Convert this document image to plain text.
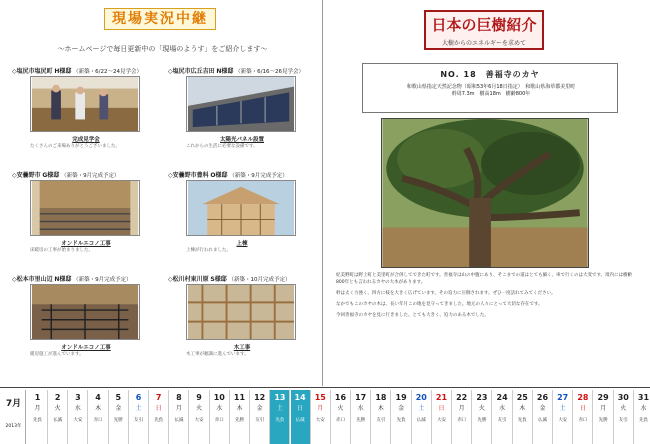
現場実況中継
～ホームページで毎日更新中の「現場のようす」をご紹介します～
◇塩尻市塩尻町 H様邸 （新築・6/22〜24見学会）
完成見学会
たくさんのご来場ありがとうございました。
◇塩尻市広丘吉田 N様邸 （新築・6/16〜26見学会）
太陽光パネル設置
これからの生活に必要な設備です。
◇安曇野市 G様邸 （新築・9月完成予定）
オンドルエコノ工事
床暖房の工事が始まりました。
◇安曇野市豊科 O様邸 （新築・9月完成予定）
上棟
上棟が行われました。
◇松本市里山辺 N様邸 （新築・9月完成予定）
オンドルエコノ工事
暖房施工が進んでいます。
◇松川村東川原 S様邸 （新築・10月完成予定）
木工事
木工事が順調に進んでいます。
日本の巨樹紹介
大樹からのエネルギーを求めて
NO. 18　善福寺のカヤ
和歌山県指定天然記念物（昭和53年6月18日指定）　和歌山県海草郡美里町
幹周7.3m　樹高18m　樹齢800年

紀美野町は野上町と美里町が合併してできた町です。善福寺は山の中腹にあり、そこまでの道はとても細く、車で行くのは大変です。境内には樹齢800年とも言われるカヤの大木があります。

幹は太く力強く、四方に枝を大きく広げています。その迫力に圧倒されます。ぜひ一度訪れてみてください。

なかでもこのカヤの木は、長い年月この地を見守ってきました。地元の人々にとって大切な存在です。

今回善福寺のカヤを見に行きました。とても大きく、迫力のある木でした。

7月
2013年
1
月
先負
2
火
仏滅
3
水
大安
4
木
赤口
5
金
先勝
6
土
友引
7
日
先負
8
月
仏滅
9
火
大安
10
水
赤口
11
木
先勝
12
金
友引
13
土
先負
14
日
仏滅
15
月
大安
16
火
赤口
17
水
先勝
18
木
友引
19
金
先負
20
土
仏滅
21
日
大安
22
月
赤口
23
火
先勝
24
水
友引
25
木
先負
26
金
仏滅
27
土
大安
28
日
赤口
29
月
先勝
30
火
友引
31
水
先負
